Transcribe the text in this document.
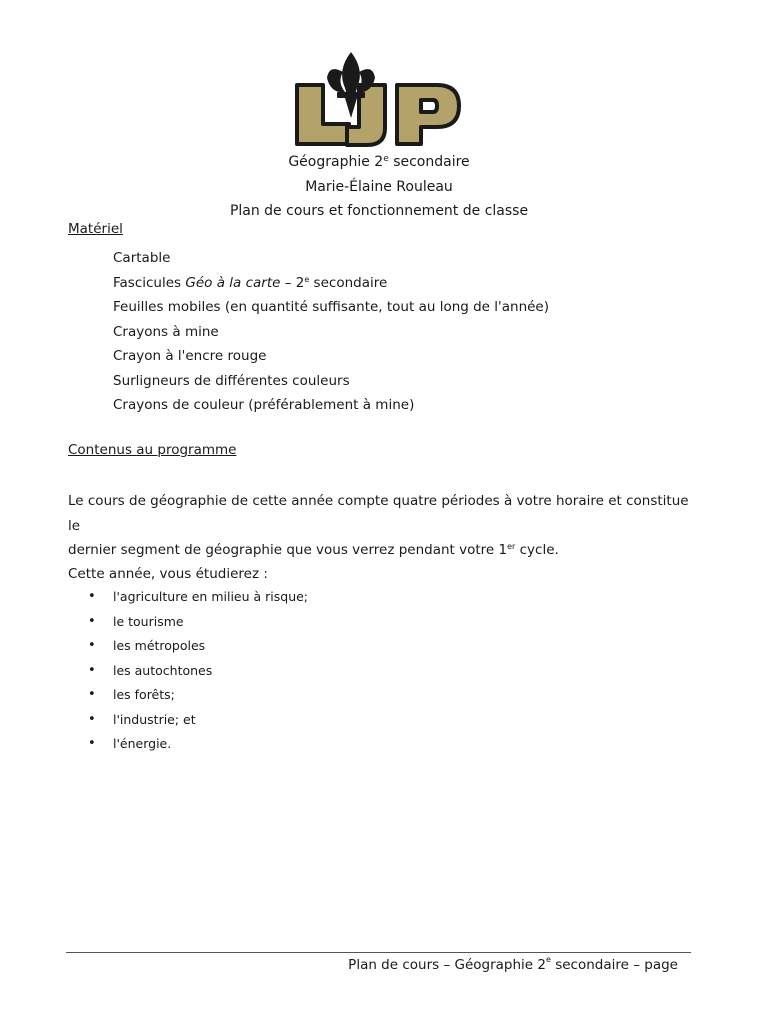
Géographie 2e secondaire
Marie-Élaine Rouleau
Plan de cours et fonctionnement de classe
Matériel
Cartable
Fascicules Géo à la carte – 2e secondaire
Feuilles mobiles (en quantité suffisante, tout au long de l'année)
Crayons à mine
Crayon à l'encre rouge
Surligneurs de différentes couleurs
Crayons de couleur (préférablement à mine)
Contenus au programme
Le cours de géographie de cette année compte quatre périodes à votre horaire et constitue le
dernier segment de géographie que vous verrez pendant votre 1er cycle.
Cette année, vous étudierez :
• l'agriculture en milieu à risque;
• le tourisme
• les métropoles
• les autochtones
• les forêts;
• l'industrie; et
• l'énergie.
Plan de cours – Géographie 2e secondaire – page
